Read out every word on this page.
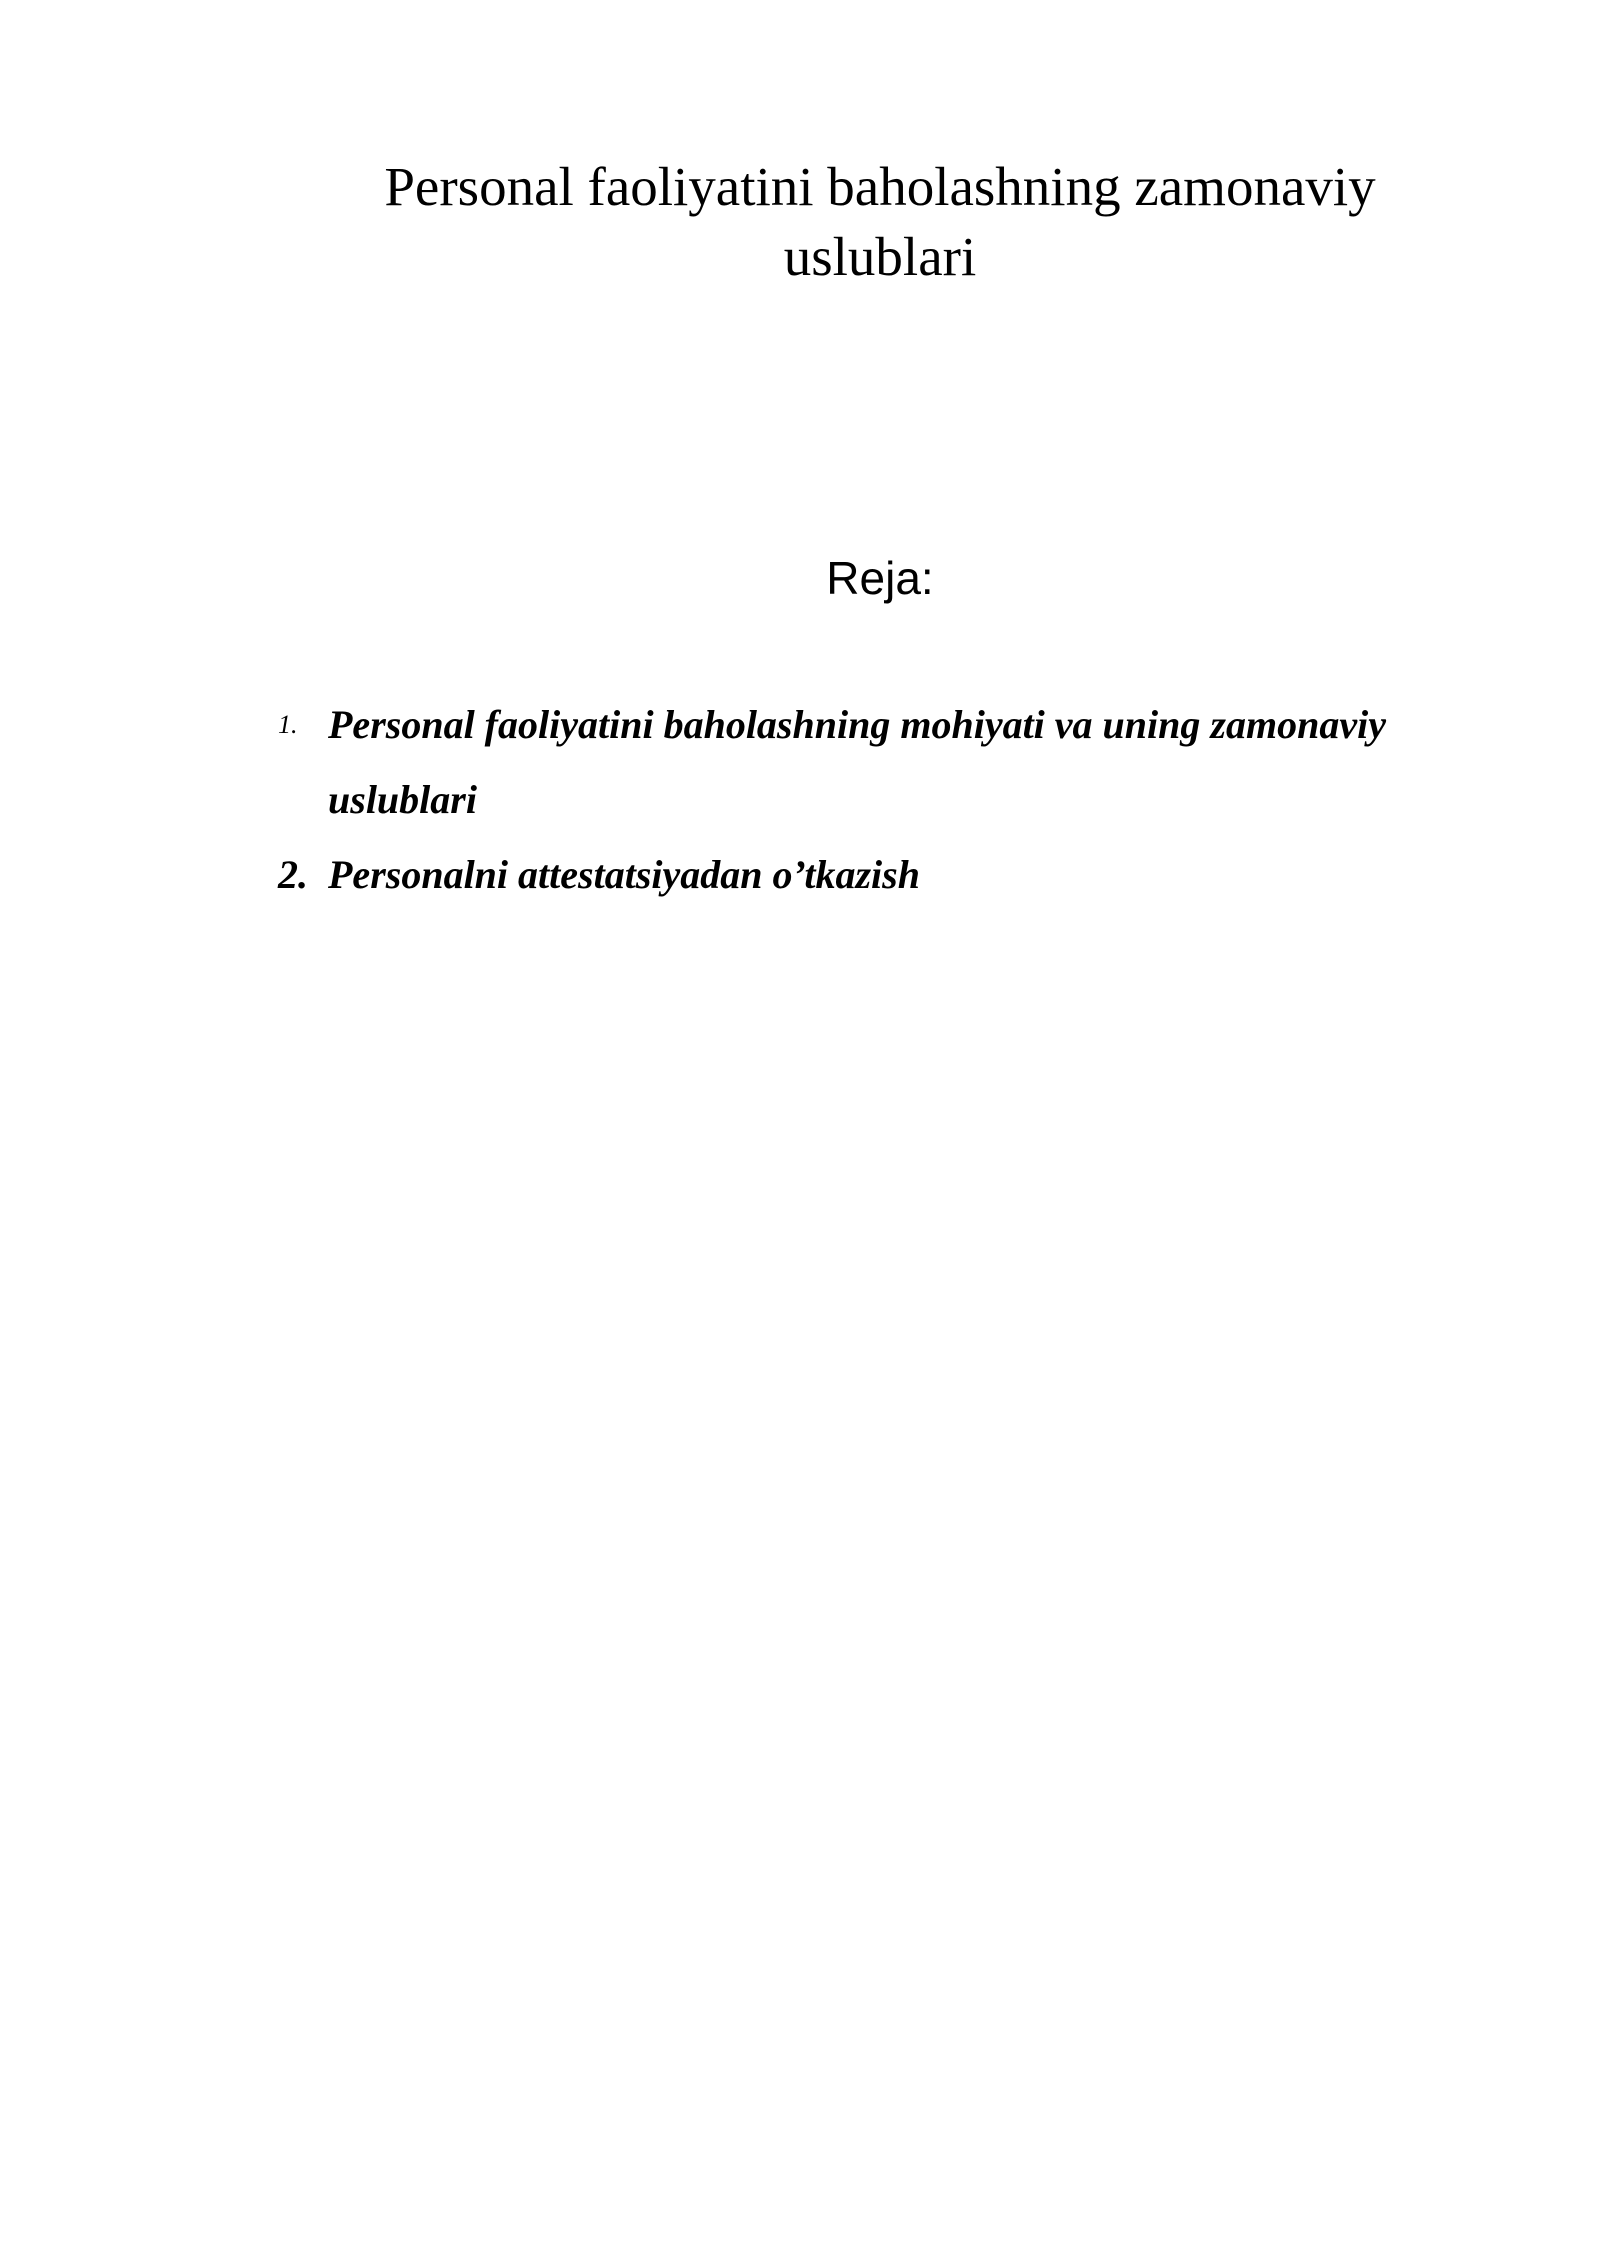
Personal faoliyatini baholashning zamonaviy uslublari
Reja:
1. Personal faoliyatini baholashning mohiyati va uning zamonaviy uslublari
2. Personalni attestatsiyadan o’tkazish
